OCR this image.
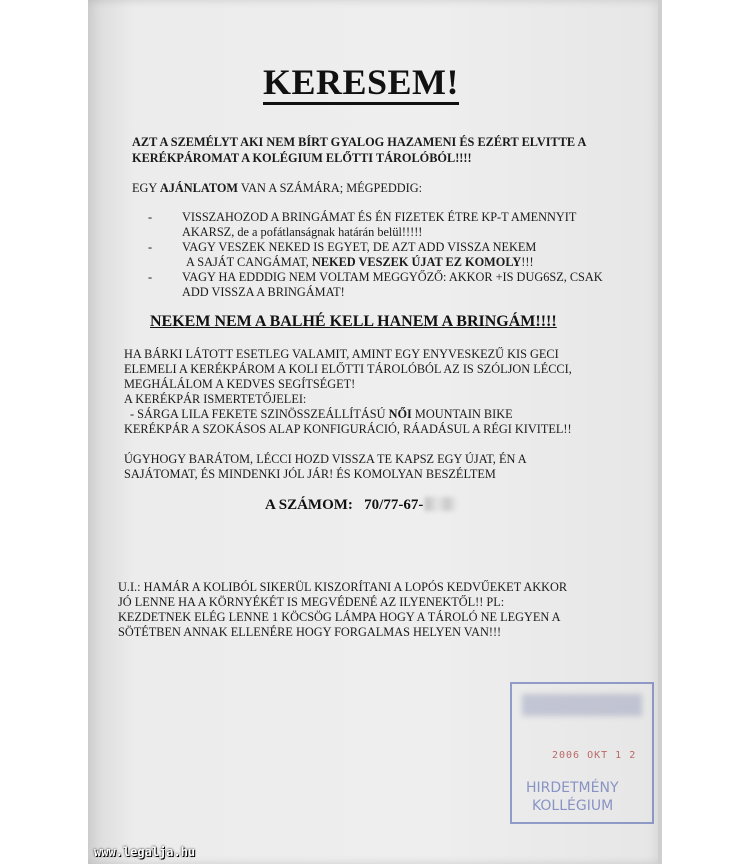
KERESEM!

AZT A SZEMÉLYT AKI NEM BÍRT GYALOG HAZAMENI ÉS EZÉRT ELVITTE A

KERÉKPÁROMAT A KOLÉGIUM ELŐTTI TÁROLÓBÓL!!!!

EGY AJÁNLATOM VAN A SZÁMÁRA; MÉGPEDDIG:

- VISSZAHOZOD A BRINGÁMAT ÉS ÉN FIZETEK ÉTRE KP-T AMENNYIT

AKARSZ, de a pofátlanságnak határán belül!!!!!

- VAGY VESZEK NEKED IS EGYET, DE AZT ADD VISSZA NEKEM

A SAJÁT CANGÁMAT, NEKED VESZEK ÚJAT EZ KOMOLY!!!

- VAGY HA EDDDIG NEM VOLTAM MEGGYŐZŐ: AKKOR +IS DUG6SZ, CSAK

ADD VISSZA A BRINGÁMAT!

NEKEM NEM A BALHÉ KELL HANEM A BRINGÁM!!!!

HA BÁRKI LÁTOTT ESETLEG VALAMIT, AMINT EGY ENYVESKEZŰ KIS GECI

ELEMELI A KERÉKPÁROM A KOLI ELŐTTI TÁROLÓBÓL AZ IS SZÓLJON LÉCCI,

MEGHÁLÁLOM A KEDVES SEGÍTSÉGET!

A KERÉKPÁR ISMERTETŐJELEI:

- SÁRGA LILA FEKETE SZINÖSSZEÁLLÍTÁSÚ NŐI MOUNTAIN BIKE

KERÉKPÁR A SZOKÁSOS ALAP KONFIGURÁCIÓ, RÁADÁSUL A RÉGI KIVITEL!!

ÚGYHOGY BARÁTOM, LÉCCI HOZD VISSZA TE KAPSZ EGY ÚJAT, ÉN A

SAJÁTOMAT, ÉS MINDENKI JÓL JÁR! ÉS KOMOLYAN BESZÉLTEM

A SZÁMOM: 70/77-67-

U.I.: HAMÁR A KOLIBÓL SIKERÜL KISZORÍTANI A LOPÓS KEDVŰEKET AKKOR

JÓ LENNE HA A KÖRNYÉKÉT IS MEGVÉDENÉ AZ ILYENEKTŐL!! PL:

KEZDETNEK ELÉG LENNE 1 KÖCSÖG LÁMPA HOGY A TÁROLÓ NE LEGYEN A

SÖTÉTBEN ANNAK ELLENÉRE HOGY FORGALMAS HELYEN VAN!!!

2006 OKT 1 2
HIRDETMÉNY
KOLLÉGIUM
www.legalja.hu
